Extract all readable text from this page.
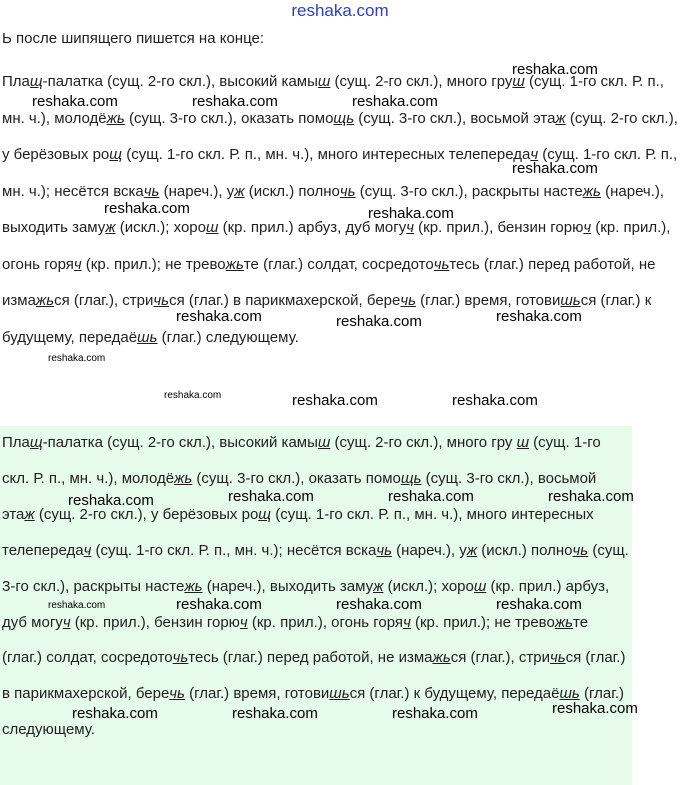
reshaka.com

Ь после шипящего пишется на конце:

Плащ-палатка (сущ. 2-го скл.), высокий камыш (сущ. 2-го скл.), много груш (сущ. 1-го скл. Р. п., мн. ч.), молодёжь (сущ. 3-го скл.), оказать помощь (сущ. 3-го скл.), восьмой этаж (сущ. 2-го скл.), у берёзовых рощ (сущ. 1-го скл. Р. п., мн. ч.), много интересных телепередач (сущ. 1-го скл. Р. п., мн. ч.); несётся вскачь (нареч.), уж (искл.) полночь (сущ. 3-го скл.), раскрыты настежь (нареч.), выходить замуж (искл.); хорош (кр. прил.) арбуз, дуб могуч (кр. прил.), бензин горюч (кр. прил.), огонь горяч (кр. прил.); не тревожьте (глаг.) солдат, сосредоточьтесь (глаг.) перед работой, не измажься (глаг.), стричься (глаг.) в парикмахерской, беречь (глаг.) время, готовишься (глаг.) к будущему, передаёшь (глаг.) следующему.

Плащ-палатка (сущ. 2-го скл.), высокий камыш (сущ. 2-го скл.), много гру ш (сущ. 1-го скл. Р. п., мн. ч.), молодёжь (сущ. 3-го скл.), оказать помощь (сущ. 3-го скл.), восьмой этаж (сущ. 2-го скл.), у берёзовых рощ (сущ. 1-го скл. Р. п., мн. ч.), много интересных телепередач (сущ. 1-го скл. Р. п., мн. ч.); несётся вскачь (нареч.), уж (искл.) полночь (сущ. 3-го скл.), раскрыты настежь (нареч.), выходить замуж (искл.); хорош (кр. прил.) арбуз, дуб могуч (кр. прил.), бензин горюч (кр. прил.), огонь горяч (кр. прил.); не тревожьте (глаг.) солдат, сосредоточьтесь (глаг.) перед работой, не измажься (глаг.), стричься (глаг.) в парикмахерской, беречь (глаг.) время, готовишься (глаг.) к будущему, передаёшь (глаг.) следующему.

reshaka.com
reshaka.com	reshaka.com	reshaka.com
reshaka.com
reshaka.com	reshaka.com
reshaka.com	reshaka.com	reshaka.com
reshaka.com
reshaka.com	reshaka.com	reshaka.com
reshaka.com	reshaka.com	reshaka.com	reshaka.com
reshaka.com	reshaka.com	reshaka.com	reshaka.com
reshaka.com	reshaka.com	reshaka.com	reshaka.com
